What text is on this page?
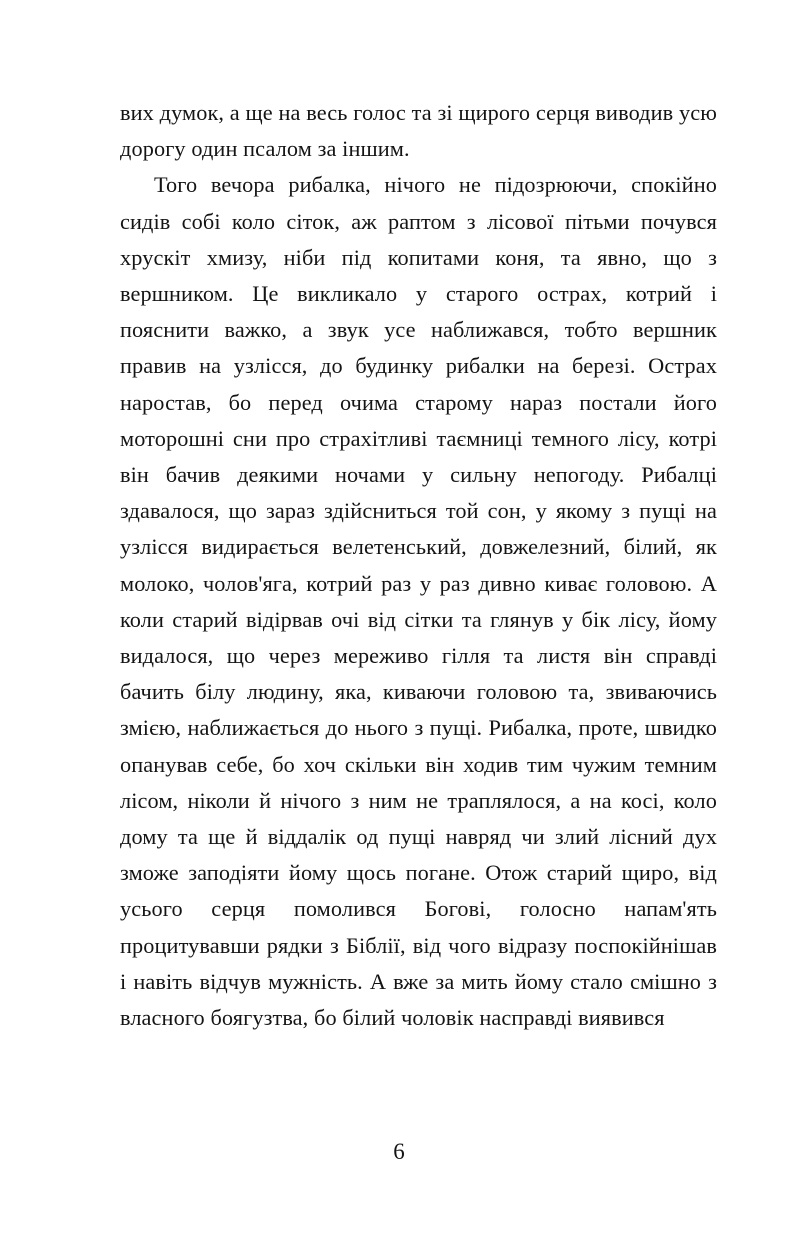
вих думок, а ще на весь голос та зі щирого серця виводив усю дорогу один псалом за іншим.

Того вечора рибалка, нічого не підозрюючи, спокійно сидів собі коло сіток, аж раптом з лісової пітьми почувся хрускіт хмизу, ніби під копитами коня, та явно, що з вершником. Це викликало у старого острах, котрий і пояснити важко, а звук усе наближався, тобто вершник правив на узлісся, до будинку рибалки на березі. Острах наростав, бо перед очима старому нараз постали його моторошні сни про страхітливі таємниці темного лісу, котрі він бачив деякими ночами у сильну непогоду. Рибалці здавалося, що зараз здійсниться той сон, у якому з пущі на узлісся видирається велетенський, довжелезний, білий, як молоко, чолов'яга, котрий раз у раз дивно киває головою. А коли старий відірвав очі від сітки та глянув у бік лісу, йому видалося, що через мереживо гілля та листя він справді бачить білу людину, яка, киваючи головою та, звиваючись змією, наближається до нього з пущі. Рибалка, проте, швидко опанував себе, бо хоч скільки він ходив тим чужим темним лісом, ніколи й нічого з ним не траплялося, а на косі, коло дому та ще й віддалік од пущі навряд чи злий лісний дух зможе заподіяти йому щось погане. Отож старий щиро, від усього серця помолився Богові, голосно напам'ять процитувавши рядки з Біблії, від чого відразу поспокійнішав і навіть відчув мужність. А вже за мить йому стало смішно з власного боягузтва, бо білий чоловік насправді виявився

6
